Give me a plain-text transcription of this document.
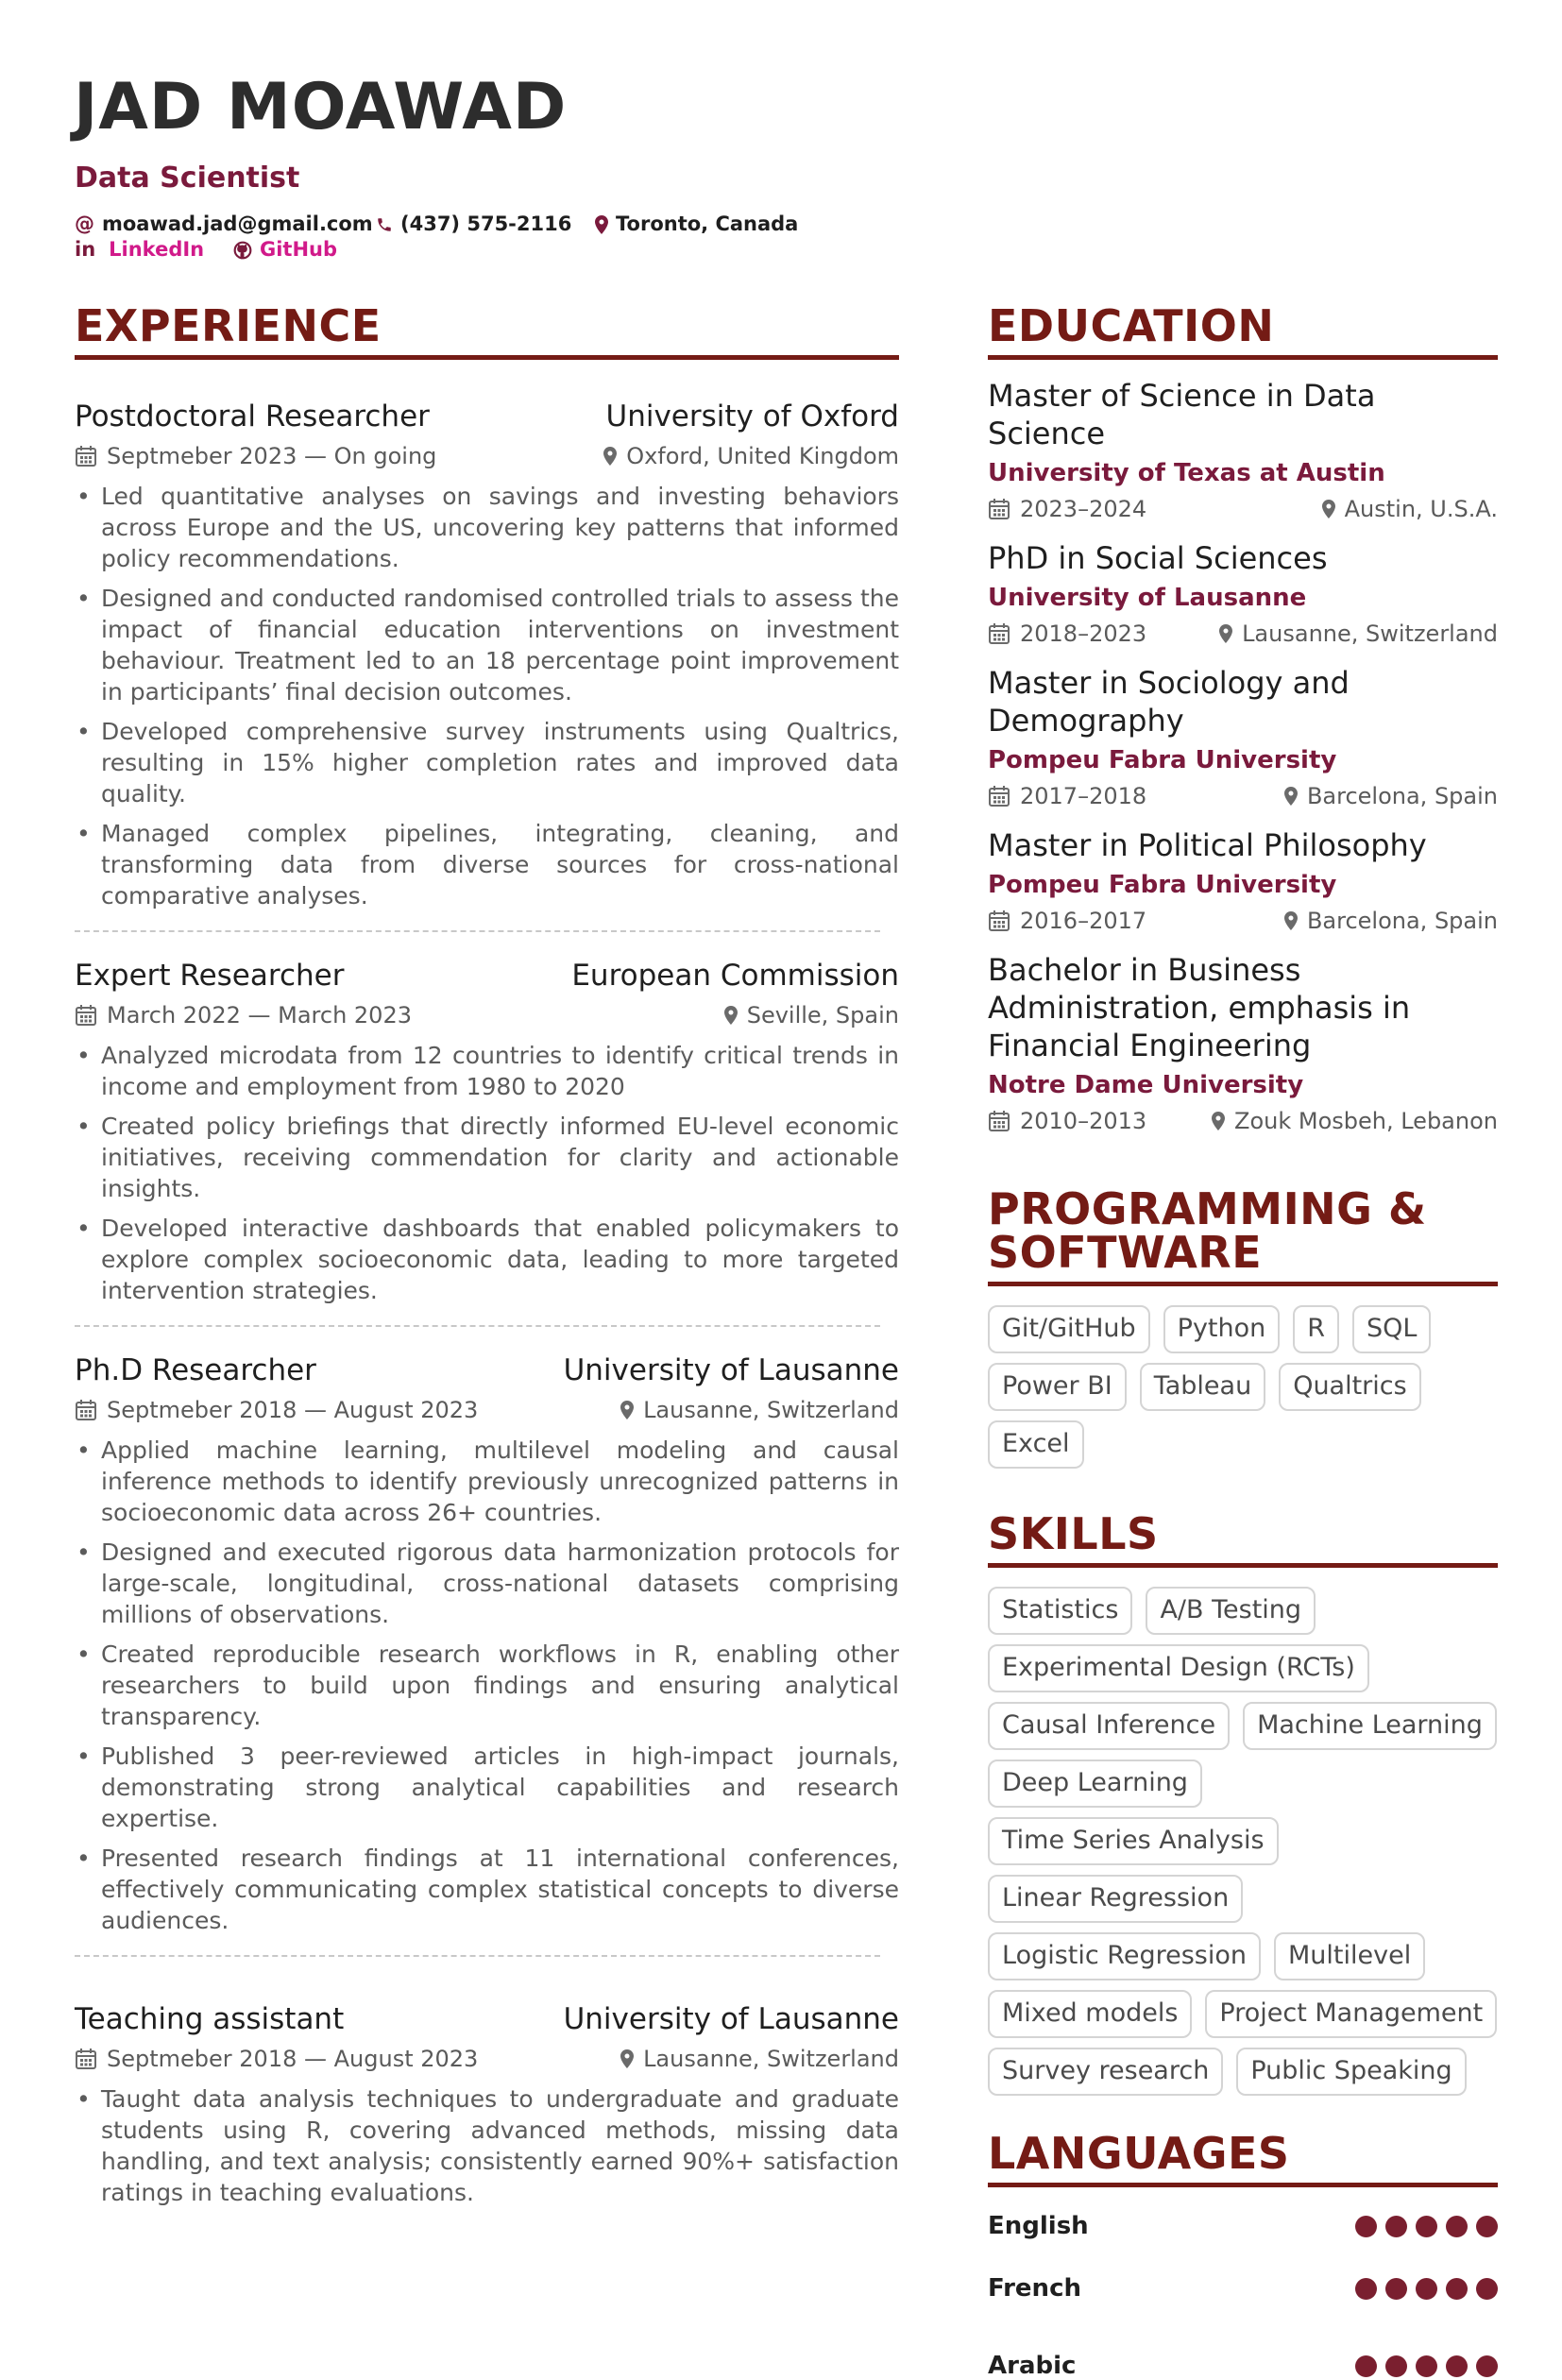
JAD MOAWAD
Data Scientist
@ moawad.jad@gmail.com (437) 575-2116 Toronto, Canada
in LinkedIn	GitHub
EXPERIENCE
Postdoctoral Researcher	University of Oxford
Septmeber 2023 — On going	Oxford, United Kingdom
• Led quantitative analyses on savings and investing behaviors across Europe and the US, uncovering key patterns that informed policy recommendations.
• Designed and conducted randomised controlled trials to assess the impact of financial education interventions on investment behaviour. Treatment led to an 18 percentage point improvement in participants’ final decision outcomes.
• Developed comprehensive survey instruments using Qualtrics, resulting in 15% higher completion rates and improved data quality.
• Managed complex pipelines, integrating, cleaning, and transforming data from diverse sources for cross-national comparative analyses.
Expert Researcher	European Commission
March 2022 — March 2023	Seville, Spain
• Analyzed microdata from 12 countries to identify critical trends in income and employment from 1980 to 2020
• Created policy briefings that directly informed EU-level economic initiatives, receiving commendation for clarity and actionable insights.
• Developed interactive dashboards that enabled policymakers to explore complex socioeconomic data, leading to more targeted intervention strategies.
Ph.D Researcher	University of Lausanne
Septmeber 2018 — August 2023	Lausanne, Switzerland
• Applied machine learning, multilevel modeling and causal inference methods to identify previously unrecognized patterns in socioeconomic data across 26+ countries.
• Designed and executed rigorous data harmonization protocols for large-scale, longitudinal, cross-national datasets comprising millions of observations.
• Created reproducible research workflows in R, enabling other researchers to build upon findings and ensuring analytical transparency.
• Published 3 peer-reviewed articles in high-impact journals, demonstrating strong analytical capabilities and research expertise.
• Presented research findings at 11 international conferences, effectively communicating complex statistical concepts to diverse audiences.
Teaching assistant	University of Lausanne
Septmeber 2018 — August 2023	Lausanne, Switzerland
• Taught data analysis techniques to undergraduate and graduate students using R, covering advanced methods, missing data handling, and text analysis; consistently earned 90%+ satisfaction ratings in teaching evaluations.
EDUCATION
Master of Science in Data Science
University of Texas at Austin
2023–2024	Austin, U.S.A.
PhD in Social Sciences
University of Lausanne
2018–2023	Lausanne, Switzerland
Master in Sociology and Demography
Pompeu Fabra University
2017–2018	Barcelona, Spain
Master in Political Philosophy
Pompeu Fabra University
2016–2017	Barcelona, Spain
Bachelor in Business Administration, emphasis in Financial Engineering
Notre Dame University
2010–2013	Zouk Mosbeh, Lebanon
PROGRAMMING & SOFTWARE
Git/GitHub	Python	R	SQL
Power BI	Tableau	Qualtrics
Excel
SKILLS
Statistics	A/B Testing
Experimental Design (RCTs)
Causal Inference	Machine Learning
Deep Learning
Time Series Analysis
Linear Regression
Logistic Regression	Multilevel
Mixed models	Project Management
Survey research	Public Speaking
LANGUAGES
English
French
Arabic
